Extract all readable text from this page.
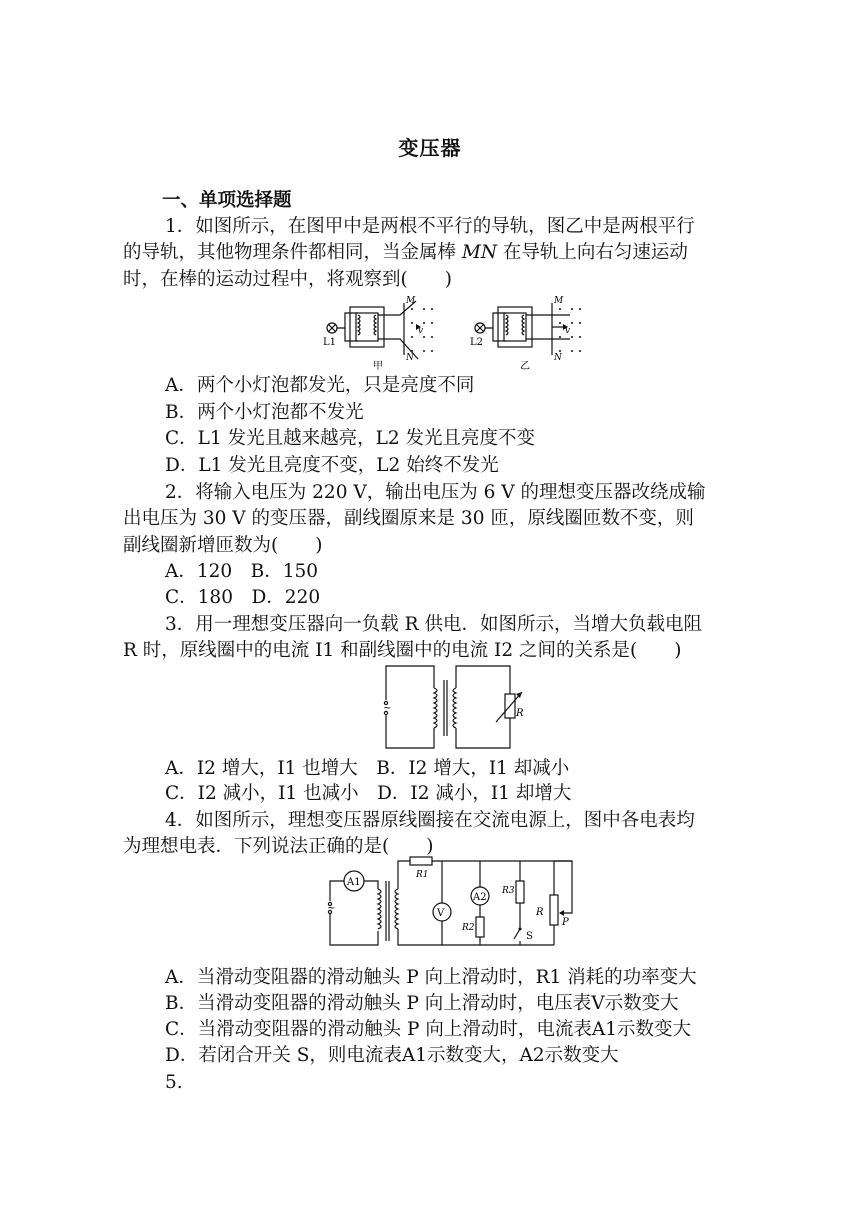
变压器
一、单项选择题
1．如图所示，在图甲中是两根不平行的导轨，图乙中是两根平行
的导轨，其他物理条件都相同，当金属棒 MN 在导轨上向右匀速运动
时，在棒的运动过程中，将观察到(　　)
L1	L2
M
N
v
M
N
v
甲	乙
A．两个小灯泡都发光，只是亮度不同
B．两个小灯泡都不发光
C．L1 发光且越来越亮，L2 发光且亮度不变
D．L1 发光且亮度不变，L2 始终不发光
2．将输入电压为 220 V，输出电压为 6 V 的理想变压器改绕成输
出电压为 30 V 的变压器，副线圈原来是 30 匝，原线圈匝数不变，则
副线圈新增匝数为(　　)
A．120　B．150
C．180　D．220
3．用一理想变压器向一负载 R 供电．如图所示，当增大负载电阻
R 时，原线圈中的电流 I1 和副线圈中的电流 I2 之间的关系是(　　)
~	R
A．I2 增大，I1 也增大　B．I2 增大，I1 却减小
C．I2 减小，I1 也减小　D．I2 减小，I1 却增大
4．如图所示，理想变压器原线圈接在交流电源上，图中各电表均
为理想电表．下列说法正确的是(　　)
~
A1
V
A2
R1
R2
R3
R
P
S
A．当滑动变阻器的滑动触头 P 向上滑动时，R1 消耗的功率变大
B．当滑动变阻器的滑动触头 P 向上滑动时，电压表V示数变大
C．当滑动变阻器的滑动触头 P 向上滑动时，电流表A1示数变大
D．若闭合开关 S，则电流表A1示数变大，A2示数变大
5.
